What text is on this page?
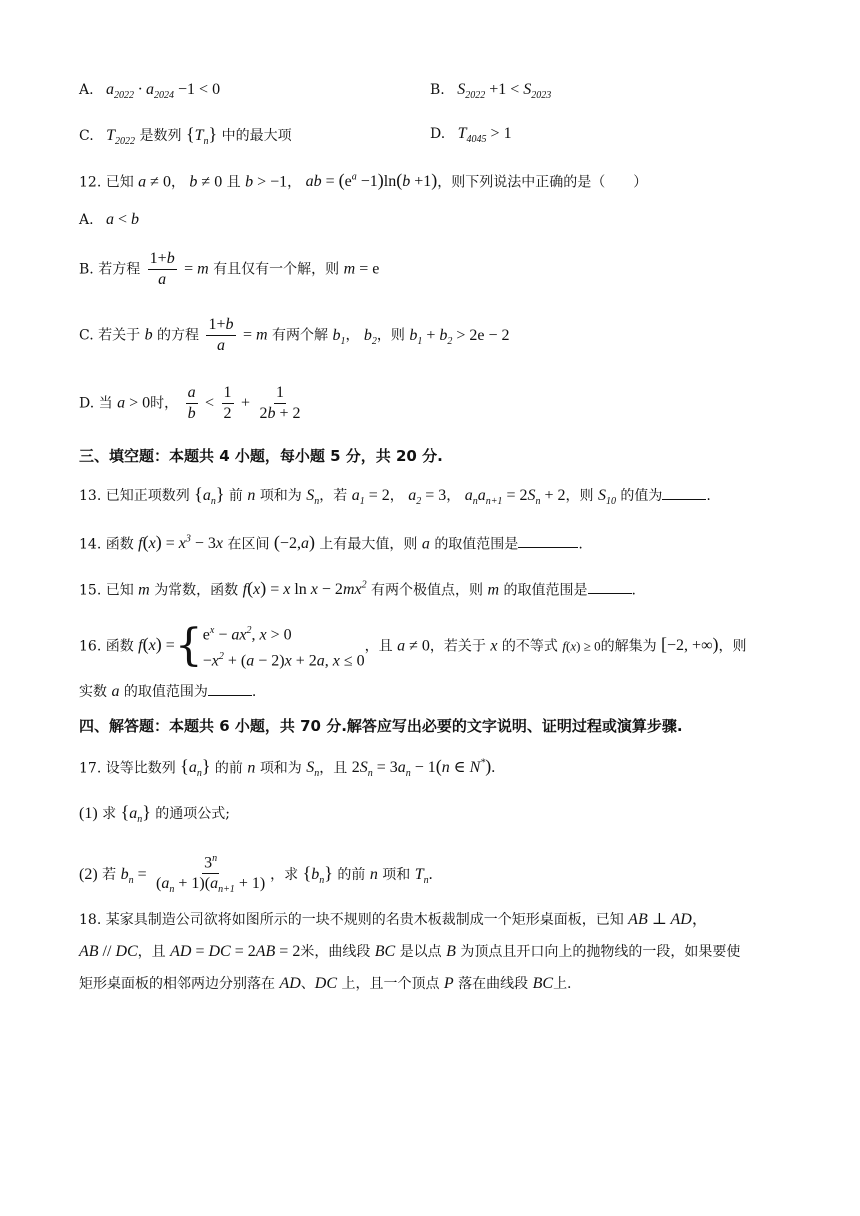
A.   $a_{2022} \cdot a_{2024} -1 < 0$	B.   $S_{2022} +1 < S_{2023}$
C.   $T_{2022}$ 是数列 $\{T_n\}$ 中的最大项	D.   $T_{4045} > 1$
12. 已知 a ≠ 0， b ≠ 0 且 b > −1， ab = $(e^a -1)\ln(b +1)$，则下列说法中正确的是（　　）
A.   a < b
B. 若方程 $\frac{1+b}{a} = m$ 有且仅有一个解，则 m = e
C. 若关于 b 的方程 $\frac{1+b}{a} = m$ 有两个解 $b_1$， $b_2$，则 $b_1 + b_2 > 2e - 2$
D. 当 a > 0时， $\frac{a}{b} < \frac{1}{2} + \frac{1}{2b + 2}$
三、填空题：本题共 4 小题，每小题 5 分，共 20 分.
13. 已知正项数列 $\{a_n\}$ 前 n 项和为 $S_n$，若 $a_1 = 2$， $a_2 = 3$， $a_na_{n+1} = 2S_n + 2$，则 $S_{10}$ 的值为	.
14. 函数 $f(x) = x^3 - 3x$ 在区间 (−2,a) 上有最大值，则 a 的取值范围是	.
15. 已知 m 为常数，函数 f(x) = x $\ln x - 2mx^2$ 有两个极值点，则 m 的取值范围是	.
16. 函数 f(x) ={ $e^x - ax^2$, x > 0
$-x^2 + (a - 2)x + 2a$, x ≤ 0
，且 a ≠ 0，若关于 x 的不等式 f(x) ≥ 0的解集为 [−2, +∞)，则
实数 a 的取值范围为	.
四、解答题：本题共 6 小题，共 70 分.解答应写出必要的文字说明、证明过程或演算步骤.
17. 设等比数列 $\{a_n\}$ 的前 n 项和为 $S_n$，且 $2S_n = 3a_n - 1(n$ ∈ N*).
(1) 求 $\{a_n\}$ 的通项公式;
(2) 若 $b_n = \frac{3^n}{(a_n + 1)(a_{n+1} + 1)}$ ，求 $\{b_n\}$ 的前 n 项和 $T_n$.
18. 某家具制造公司欲将如图所示的一块不规则的名贵木板裁制成一个矩形桌面板，已知 AB ⊥ AD，
AB // DC，且 AD = DC = 2AB = 2米，曲线段 BC 是以点 B 为顶点且开口向上的抛物线的一段，如果要使
矩形桌面板的相邻两边分别落在 AD、DC 上，且一个顶点 P 落在曲线段 BC上.
